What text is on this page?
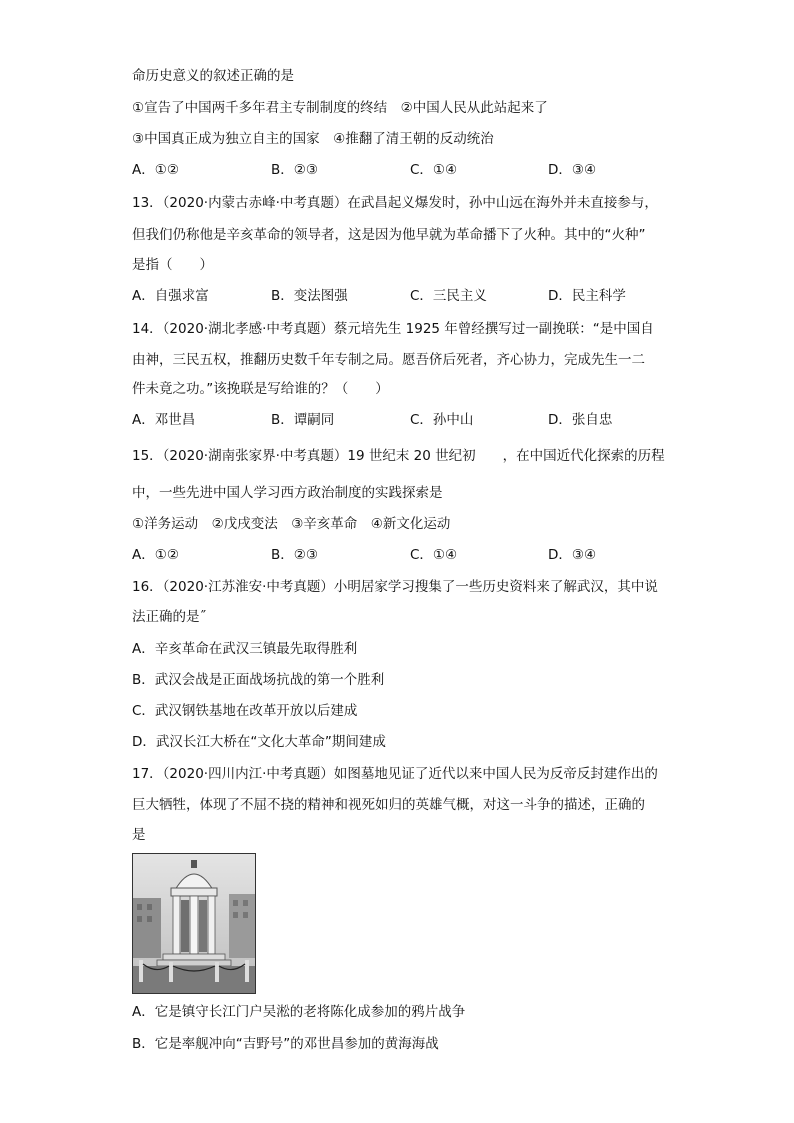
命历史意义的叙述正确的是
①宣告了中国两千多年君主专制制度的终结　②中国人民从此站起来了
③中国真正成为独立自主的国家　④推翻了清王朝的反动统治
A．①②	B．②③	C．①④	D．③④
13．（2020·内蒙古赤峰·中考真题）在武昌起义爆发时，孙中山远在海外并未直接参与，
但我们仍称他是辛亥革命的领导者，这是因为他早就为革命播下了火种。其中的“火种”
是指（　　）
A．自强求富	B．变法图强	C．三民主义	D．民主科学
14．（2020·湖北孝感·中考真题）蔡元培先生 1925 年曾经撰写过一副挽联：“是中国自
由神，三民五权，推翻历史数千年专制之局。愿吾侪后死者，齐心协力，完成先生一二
件未竟之功。”该挽联是写给谁的？（　　）
A．邓世昌	B．谭嗣同	C．孙中山	D．张自忠
15．（2020·湖南张家界·中考真题）19 世纪末 20 世纪初　　，在中国近代化探索的历程
中，一些先进中国人学习西方政治制度的实践探索是
①洋务运动　②戊戌变法　③辛亥革命　④新文化运动
A．①②	B．②③	C．①④	D．③④
16．（2020·江苏淮安·中考真题）小明居家学习搜集了一些历史资料来了解武汉，其中说
法正确的是˝
A．辛亥革命在武汉三镇最先取得胜利
B．武汉会战是正面战场抗战的第一个胜利
C．武汉钢铁基地在改革开放以后建成
D．武汉长江大桥在“文化大革命”期间建成
17．（2020·四川内江·中考真题）如图墓地见证了近代以来中国人民为反帝反封建作出的
巨大牺牲，体现了不屈不挠的精神和视死如归的英雄气概，对这一斗争的描述，正确的
是
A．它是镇守长江门户吴淞的老将陈化成参加的鸦片战争
B．它是率舰冲向“吉野号”的邓世昌参加的黄海海战
